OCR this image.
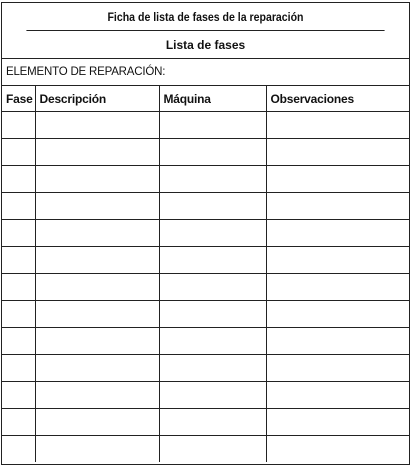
Ficha de lista de fases de la reparación
Lista de fases
ELEMENTO DE REPARACIÓN:
Fase	Descripción	Máquina	Observaciones
